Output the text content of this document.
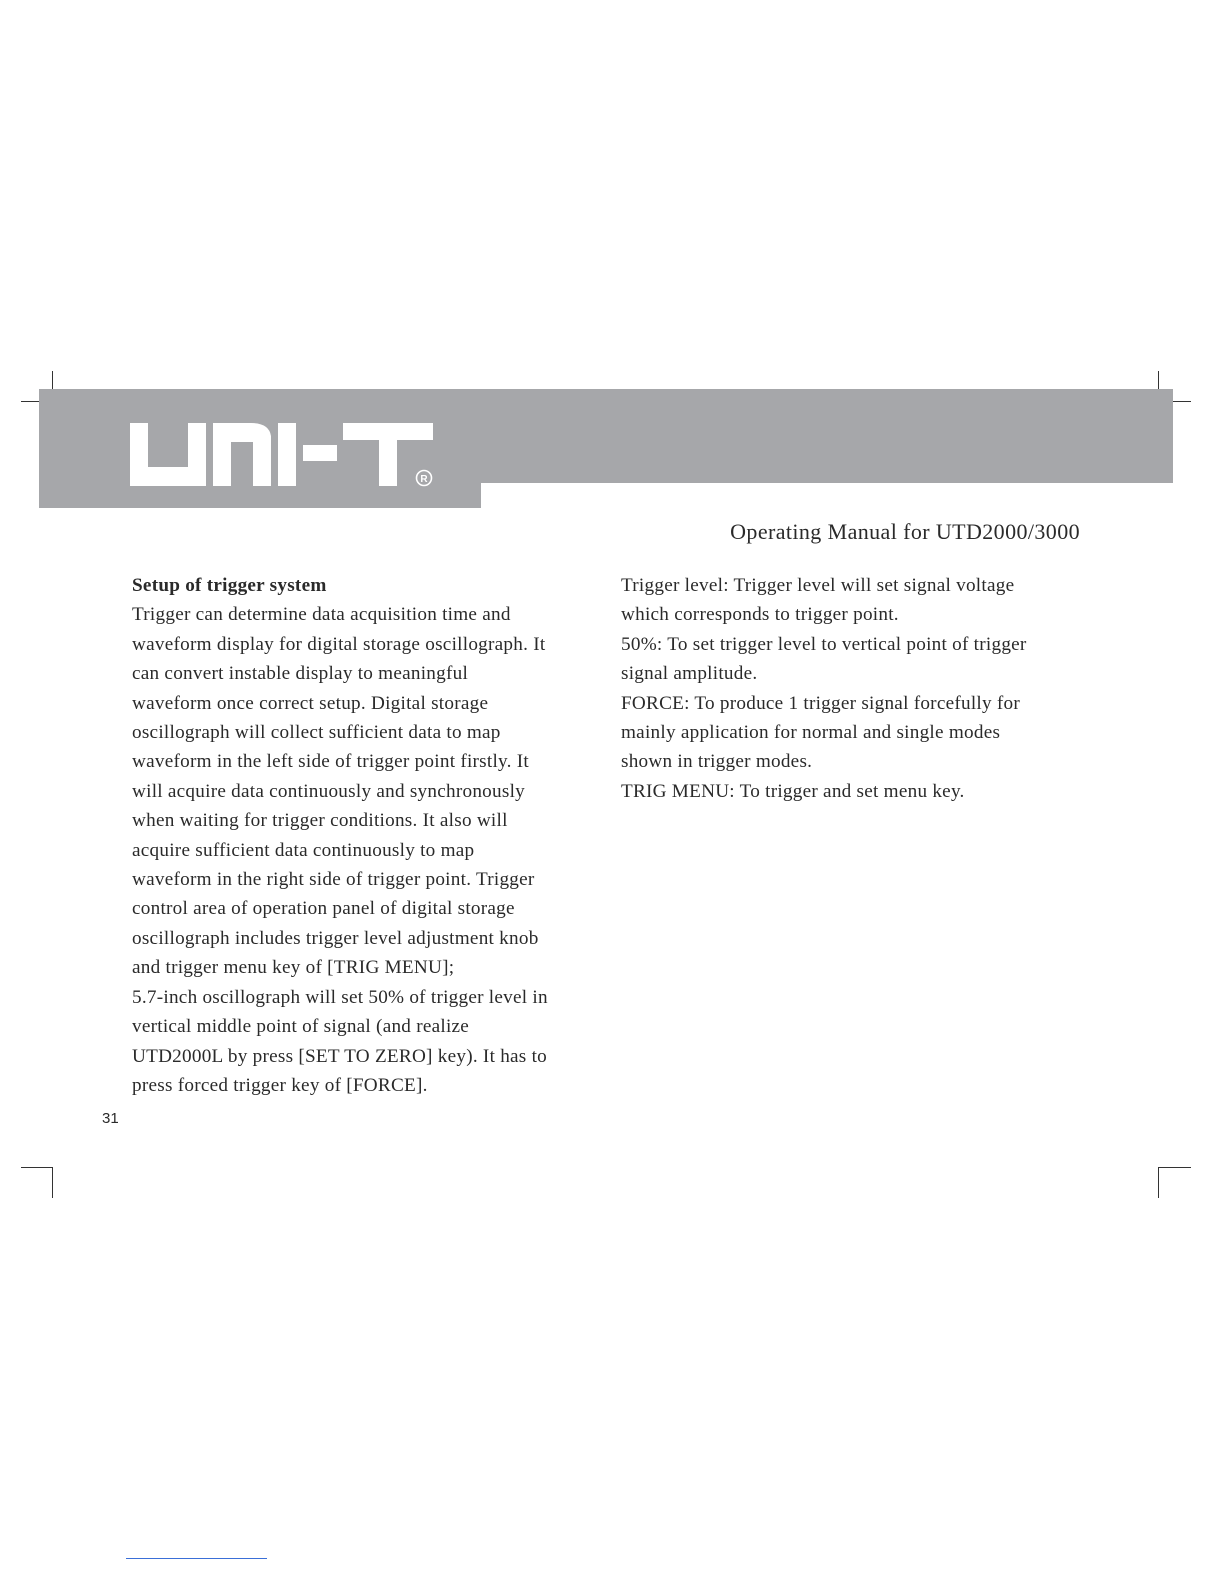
R
Operating Manual for UTD2000/3000
Setup of trigger system
Trigger can determine data acquisition time and
waveform display for digital storage oscillograph. It
can convert instable display to meaningful
waveform once correct setup. Digital storage
oscillograph will collect sufficient data to map
waveform in the left side of trigger point firstly. It
will acquire data continuously and synchronously
when waiting for trigger conditions. It also will
acquire sufficient data continuously to map
waveform in the right side of trigger point. Trigger
control area of operation panel of digital storage
oscillograph includes trigger level adjustment knob
and trigger menu key of [TRIG MENU];
5.7-inch oscillograph will set 50% of trigger level in
vertical middle point of signal (and realize
UTD2000L by press [SET TO ZERO] key). It has to
press forced trigger key of [FORCE].
Trigger level: Trigger level will set signal voltage
which corresponds to trigger point.
50%: To set trigger level to vertical point of trigger
signal amplitude.
FORCE: To produce 1 trigger signal forcefully for
mainly application for normal and single modes
shown in trigger modes.
TRIG MENU: To trigger and set menu key.
31
